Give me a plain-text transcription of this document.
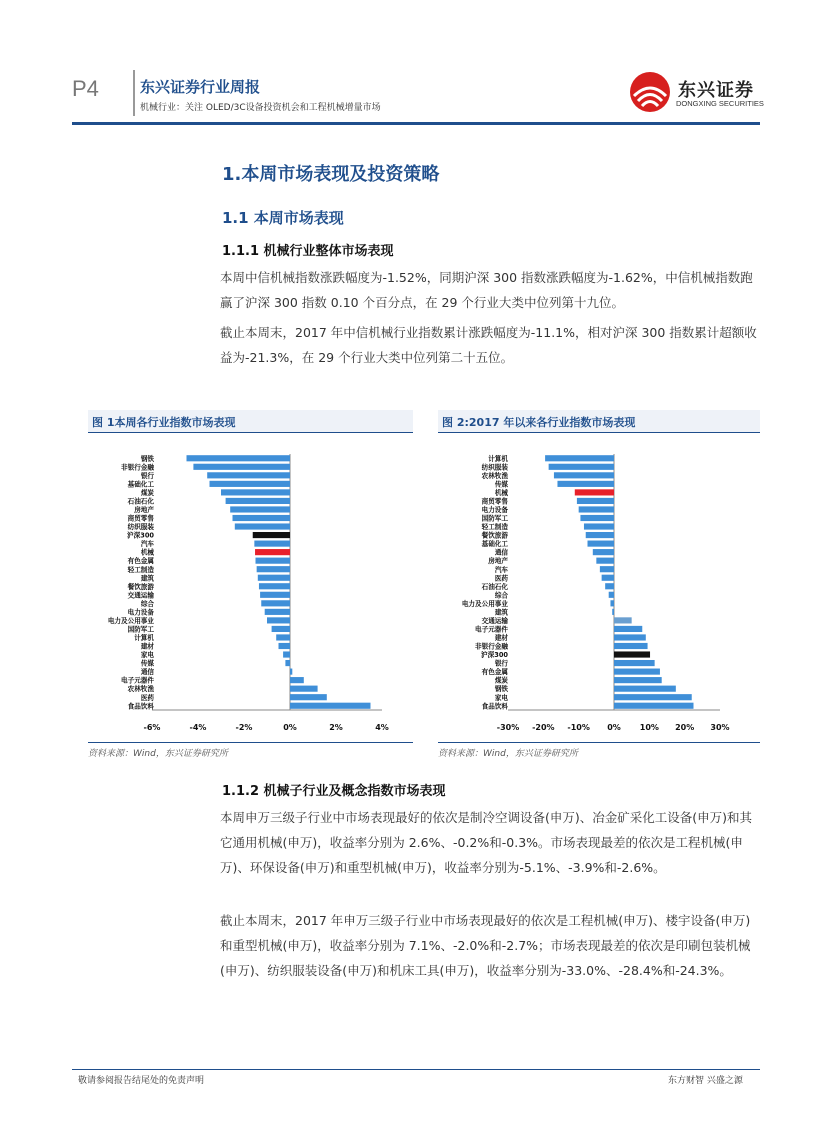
P4	东兴证券行业周报
机械行业：关注 OLED/3C设备投资机会和工程机械增量市场
东兴证券
DONGXING SECURITIES
1.本周市场表现及投资策略
1.1 本周市场表现
1.1.1 机械行业整体市场表现
本周中信机械指数涨跌幅度为-1.52%，同期沪深 300 指数涨跌幅度为-1.62%，中信机械指数跑赢了沪深 300 指数 0.10 个百分点，在 29 个行业大类中位列第十九位。
截止本周末，2017 年中信机械行业指数累计涨跌幅度为-11.1%，相对沪深 300 指数累计超额收益为-21.3%，在 29 个行业大类中位列第二十五位。
图 1本周各行业指数市场表现
钢铁
非银行金融
银行
基础化工
煤炭
石油石化
房地产
商贸零售
纺织服装
沪深300
汽车
机械
有色金属
轻工制造
建筑
餐饮旅游
交通运输
综合
电力设备
电力及公用事业
国防军工
计算机
建材
家电
传媒
通信
电子元器件
农林牧渔
医药
食品饮料
-6%	-4%	-2%	0%	2%	4%
资料来源：Wind，东兴证券研究所
图 2:2017 年以来各行业指数市场表现
计算机
纺织服装
农林牧渔
传媒
机械
商贸零售
电力设备
国防军工
轻工制造
餐饮旅游
基础化工
通信
房地产
汽车
医药
石油石化
综合
电力及公用事业
建筑
交通运输
电子元器件
建材
非银行金融
沪深300
银行
有色金属
煤炭
钢铁
家电
食品饮料
-30% -20% -10% 0% 10% 20% 30%
资料来源：Wind，东兴证券研究所
1.1.2 机械子行业及概念指数市场表现
本周申万三级子行业中市场表现最好的依次是制冷空调设备(申万)、冶金矿采化工设备(申万)和其它通用机械(申万)，收益率分别为 2.6%、-0.2%和-0.3%。市场表现最差的依次是工程机械(申万)、环保设备(申万)和重型机械(申万)，收益率分别为-5.1%、-3.9%和-2.6%。
截止本周末，2017 年申万三级子行业中市场表现最好的依次是工程机械(申万)、楼宇设备(申万)和重型机械(申万)，收益率分别为 7.1%、-2.0%和-2.7%；市场表现最差的依次是印刷包装机械(申万)、纺织服装设备(申万)和机床工具(申万)，收益率分别为-33.0%、-28.4%和-24.3%。
敬请参阅报告结尾处的免责声明	东方财智 兴盛之源
